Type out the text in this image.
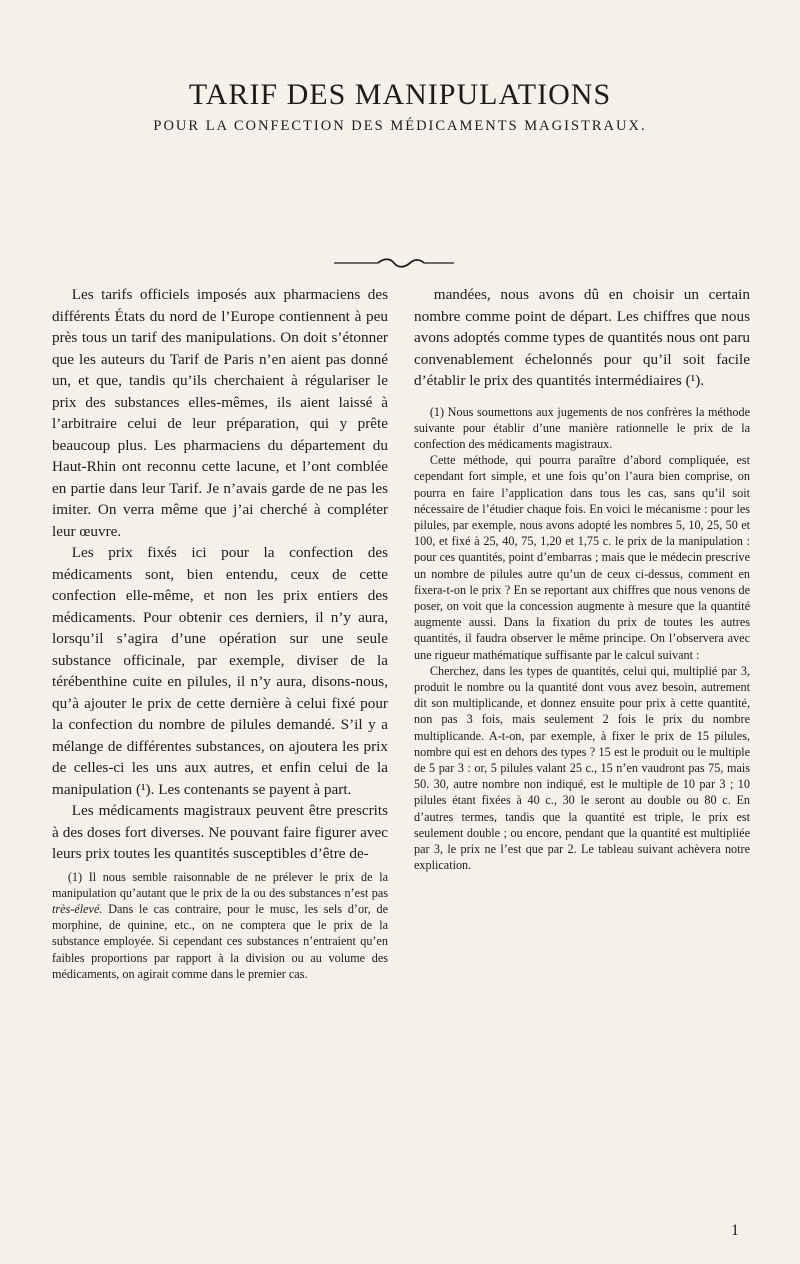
TARIF DES MANIPULATIONS
POUR LA CONFECTION DES MÉDICAMENTS MAGISTRAUX.

Les tarifs officiels imposés aux pharmaciens des différents États du nord de l’Europe contiennent à peu près tous un tarif des manipulations. On doit s’étonner que les auteurs du Tarif de Paris n’en aient pas donné un, et que, tandis qu’ils cherchaient à régulariser le prix des substances elles-mêmes, ils aient laissé à l’arbitraire celui de leur préparation, qui y prête beaucoup plus. Les pharmaciens du département du Haut-Rhin ont reconnu cette lacune, et l’ont comblée en partie dans leur Tarif. Je n’avais garde de ne pas les imiter. On verra même que j’ai cherché à compléter leur œuvre.

Les prix fixés ici pour la confection des médicaments sont, bien entendu, ceux de cette confection elle-même, et non les prix entiers des médicaments. Pour obtenir ces derniers, il n’y aura, lorsqu’il s’agira d’une opération sur une seule substance officinale, par exemple, diviser de la térébenthine cuite en pilules, il n’y aura, disons-nous, qu’à ajouter le prix de cette dernière à celui fixé pour la confection du nombre de pilules demandé. S’il y a mélange de différentes substances, on ajoutera les prix de celles-ci les uns aux autres, et enfin celui de la manipulation (¹). Les contenants se payent à part.

Les médicaments magistraux peuvent être prescrits à des doses fort diverses. Ne pouvant faire figurer avec leurs prix toutes les quantités susceptibles d’être de-

(1) Il nous semble raisonnable de ne prélever le prix de la manipulation qu’autant que le prix de la ou des substances n’est pas très-élevé. Dans le cas contraire, pour le musc, les sels d’or, de morphine, de quinine, etc., on ne comptera que le prix de la substance employée. Si cependant ces substances n’entraient qu’en faibles proportions par rapport à la division ou au volume des médicaments, on agirait comme dans le premier cas.

mandées, nous avons dû en choisir un certain nombre comme point de départ. Les chiffres que nous avons adoptés comme types de quantités nous ont paru convenablement échelonnés pour qu’il soit facile d’établir le prix des quantités intermédiaires (¹).

(1) Nous soumettons aux jugements de nos confrères la méthode suivante pour établir d’une manière rationnelle le prix de la confection des médicaments magistraux.

Cette méthode, qui pourra paraître d’abord compliquée, est cependant fort simple, et une fois qu’on l’aura bien comprise, on pourra en faire l’application dans tous les cas, sans qu’il soit nécessaire de l’étudier chaque fois. En voici le mécanisme : pour les pilules, par exemple, nous avons adopté les nombres 5, 10, 25, 50 et 100, et fixé à 25, 40, 75, 1,20 et 1,75 c. le prix de la manipulation : pour ces quantités, point d’embarras ; mais que le médecin prescrive un nombre de pilules autre qu’un de ceux ci-dessus, comment en fixera-t-on le prix ? En se reportant aux chiffres que nous venons de poser, on voit que la concession augmente à mesure que la quantité augmente aussi. Dans la fixation du prix de toutes les autres quantités, il faudra observer le même principe. On l’observera avec une rigueur mathématique suffisante par le calcul suivant :

Cherchez, dans les types de quantités, celui qui, multiplié par 3, produit le nombre ou la quantité dont vous avez besoin, autrement dit son multiplicande, et donnez ensuite pour prix à cette quantité, non pas 3 fois, mais seulement 2 fois le prix du nombre multiplicande. A-t-on, par exemple, à fixer le prix de 15 pilules, nombre qui est en dehors des types ? 15 est le produit ou le multiple de 5 par 3 : or, 5 pilules valant 25 c., 15 n’en vaudront pas 75, mais 50. 30, autre nombre non indiqué, est le multiple de 10 par 3 ; 10 pilules étant fixées à 40 c., 30 le seront au double ou 80 c. En d’autres termes, tandis que la quantité est triple, le prix est seulement double ; ou encore, pendant que la quantité est multipliée par 3, le prix ne l’est que par 2. Le tableau suivant achèvera notre explication.

1
